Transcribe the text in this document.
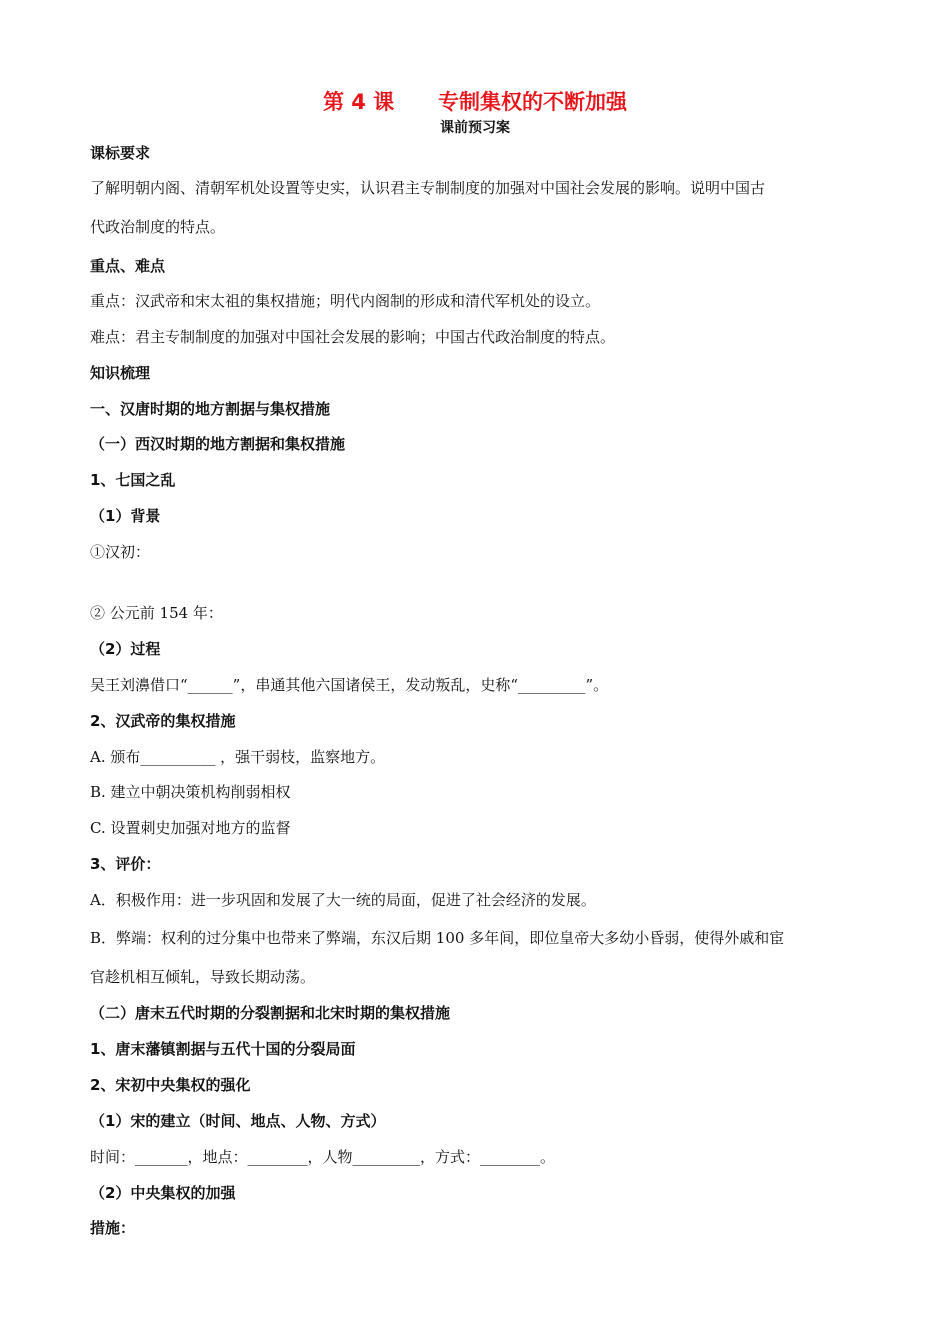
第 4 课      专制集权的不断加强
课前预习案
课标要求
了解明朝内阁、清朝军机处设置等史实，认识君主专制制度的加强对中国社会发展的影响。说明中国古
代政治制度的特点。
重点、难点
重点：汉武帝和宋太祖的集权措施；明代内阁制的形成和清代军机处的设立。
难点：君主专制制度的加强对中国社会发展的影响；中国古代政治制度的特点。
知识梳理
一、汉唐时期的地方割据与集权措施
（一）西汉时期的地方割据和集权措施
1、七国之乱
（1）背景
①汉初：
② 公元前 154 年：
（2）过程
吴王刘濞借口“______”，串通其他六国诸侯王，发动叛乱，史称“_________”。
2、汉武帝的集权措施
A. 颁布__________ ，强干弱枝，监察地方。
B. 建立中朝决策机构削弱相权
C. 设置刺史加强对地方的监督
3、评价：
A．积极作用：进一步巩固和发展了大一统的局面，促进了社会经济的发展。
B．弊端：权利的过分集中也带来了弊端，东汉后期 100 多年间，即位皇帝大多幼小昏弱，使得外戚和宦
官趁机相互倾轧，导致长期动荡。
（二）唐末五代时期的分裂割据和北宋时期的集权措施
1、唐末藩镇割据与五代十国的分裂局面
2、宋初中央集权的强化
（1）宋的建立（时间、地点、人物、方式）
时间：_______，地点：________，人物_________，方式：________。
（2）中央集权的加强
措施：
